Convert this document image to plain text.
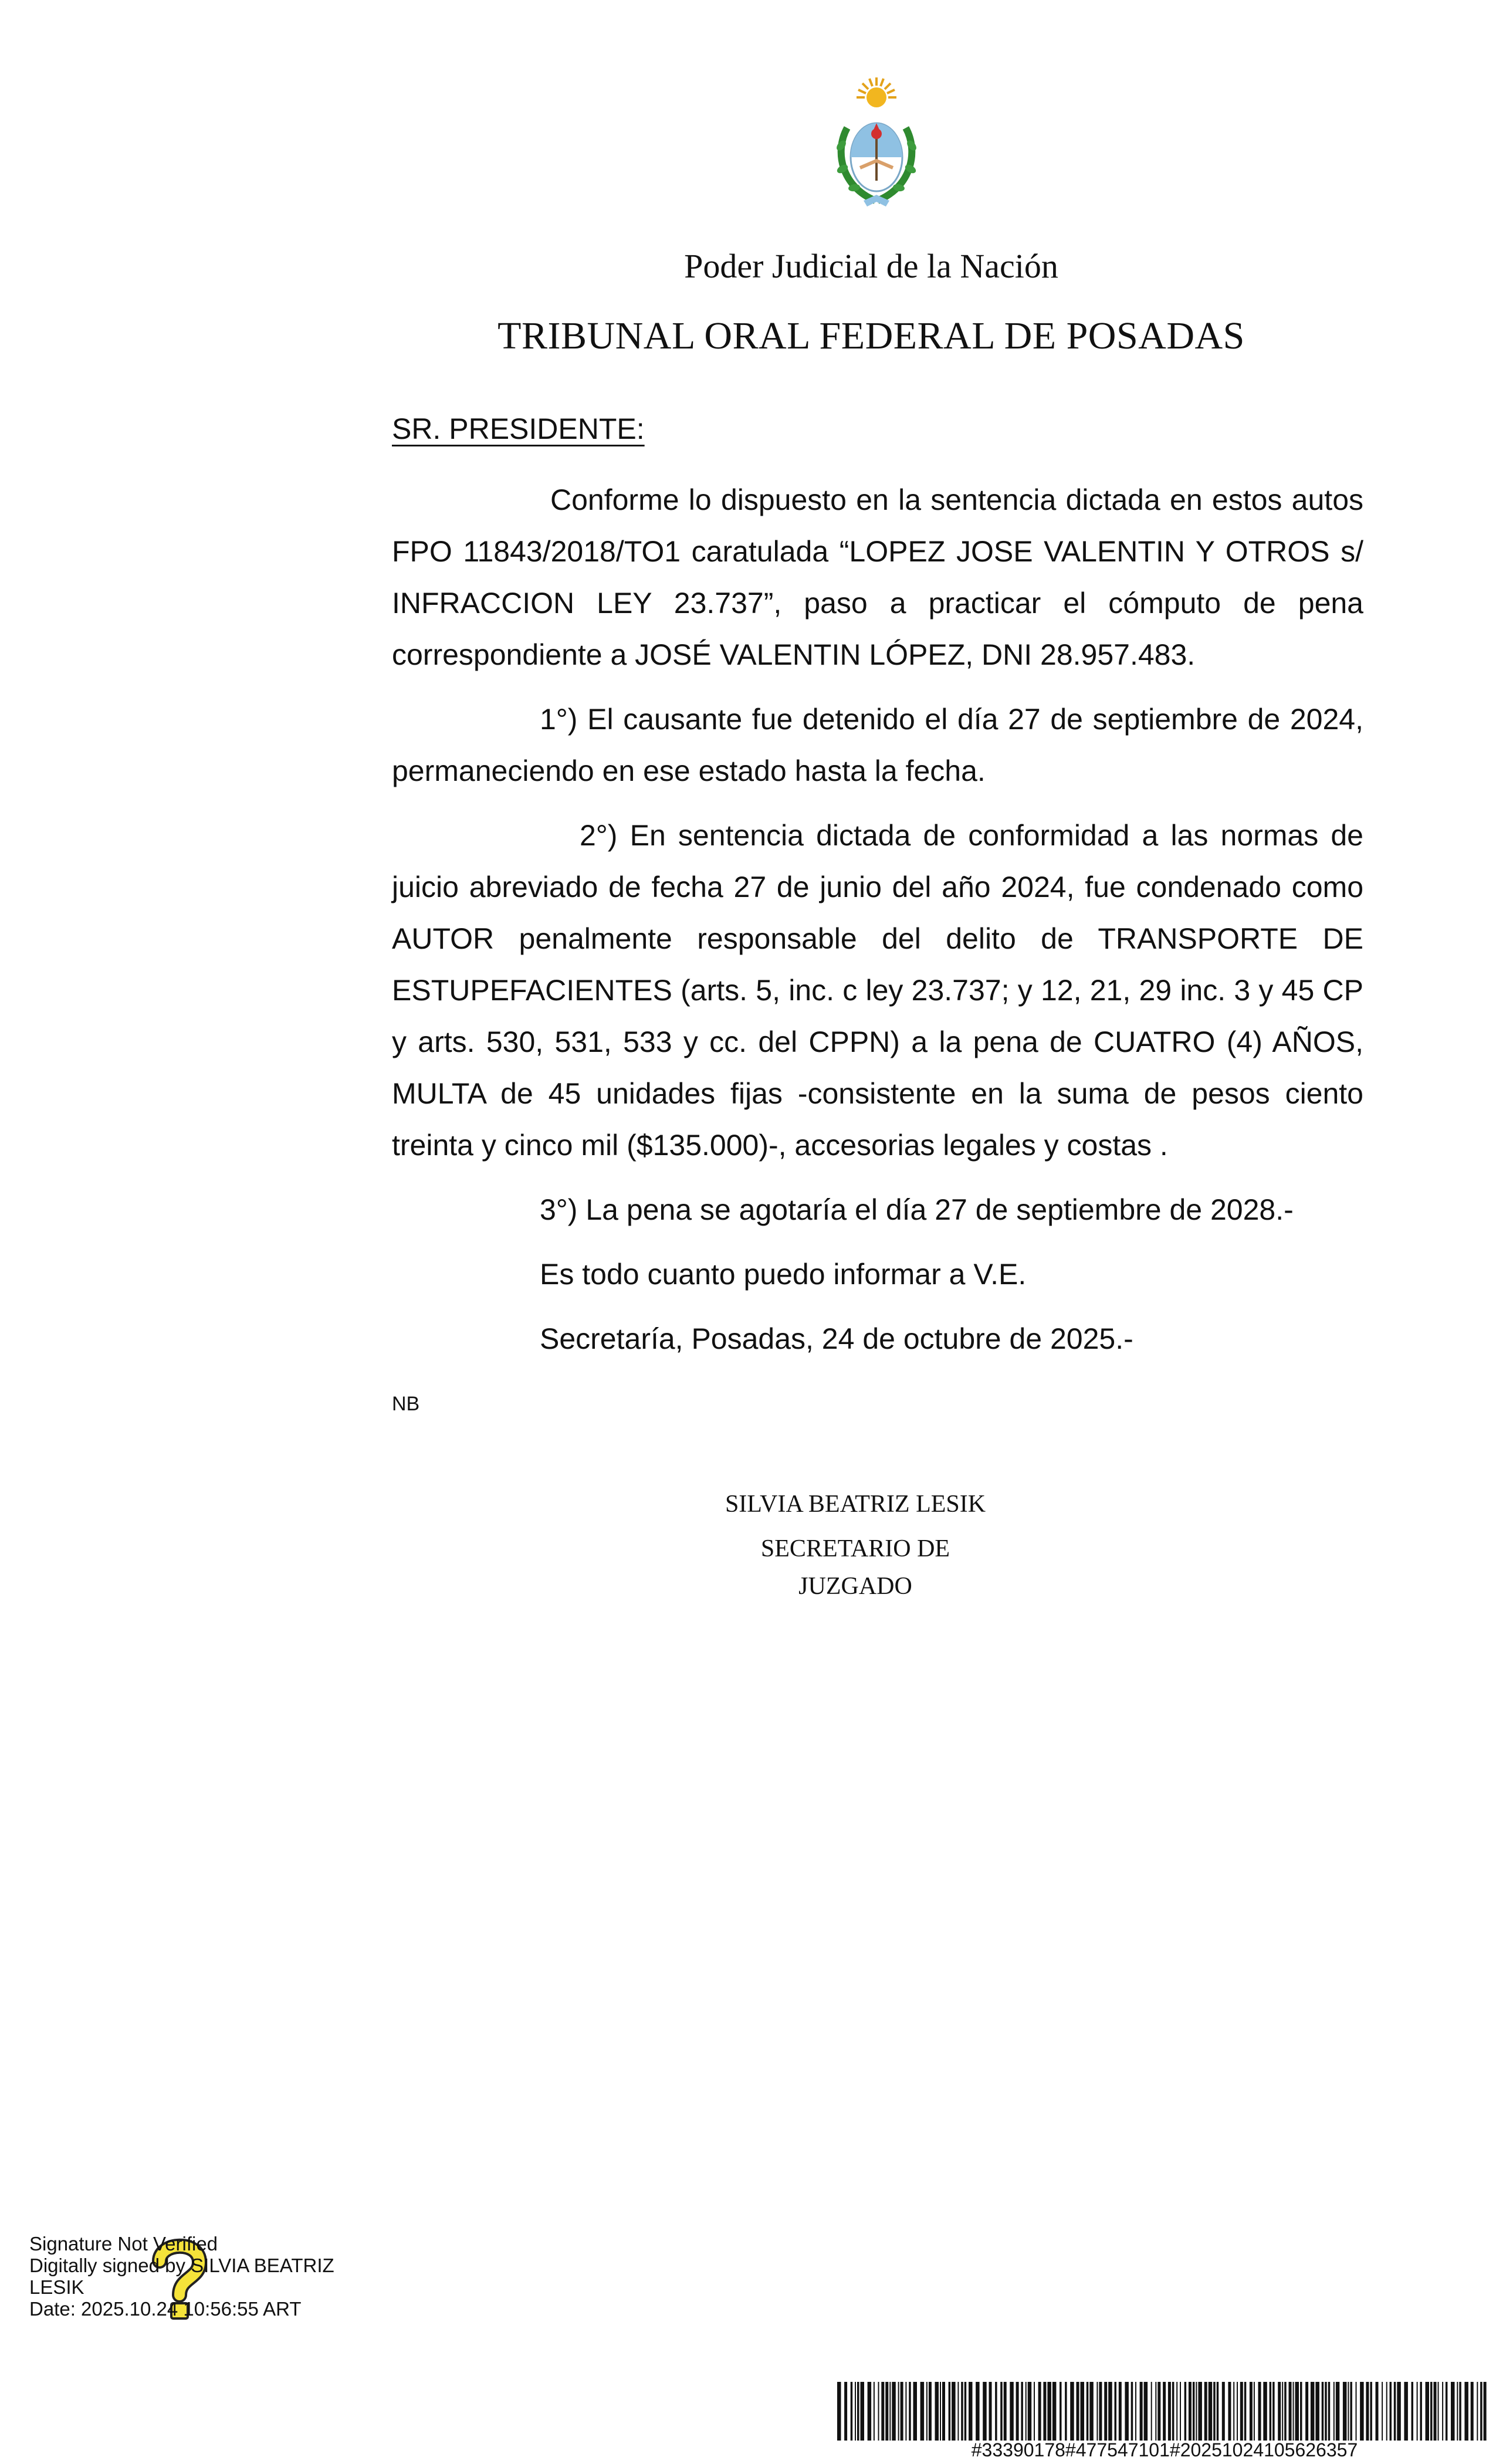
Poder Judicial de la Nación
TRIBUNAL ORAL FEDERAL DE POSADAS
SR. PRESIDENTE:

Conforme lo dispuesto en la sentencia dictada en estos autos FPO 11843/2018/TO1 caratulada “LOPEZ JOSE VALENTIN Y OTROS s/ INFRACCION LEY 23.737”, paso a practicar el cómputo de pena correspondiente a JOSÉ VALENTIN LÓPEZ, DNI 28.957.483.

1°) El causante fue detenido el día 27 de septiembre de 2024, permaneciendo en ese estado hasta la fecha.

2°) En sentencia dictada de conformidad a las normas de juicio abreviado de fecha 27 de junio del año 2024, fue condenado como AUTOR penalmente responsable del delito de TRANSPORTE DE ESTUPEFACIENTES (arts. 5, inc. c ley 23.737; y 12, 21, 29 inc. 3 y 45 CP y arts. 530, 531, 533 y cc. del CPPN) a la pena de CUATRO (4) AÑOS, MULTA de 45 unidades fijas -consistente en la suma de pesos ciento treinta y cinco mil ($135.000)-, accesorias legales y costas .

3°) La pena se agotaría el día 27 de septiembre de 2028.-

Es todo cuanto puedo informar a V.E.

Secretaría, Posadas, 24 de octubre de 2025.-

NB
SILVIA BEATRIZ LESIK
SECRETARIO DE
JUZGADO
Signature Not Verified
Digitally signed by SILVIA BEATRIZ
LESIK
Date: 2025.10.24 10:56:55 ART
#33390178#477547101#20251024105626357
